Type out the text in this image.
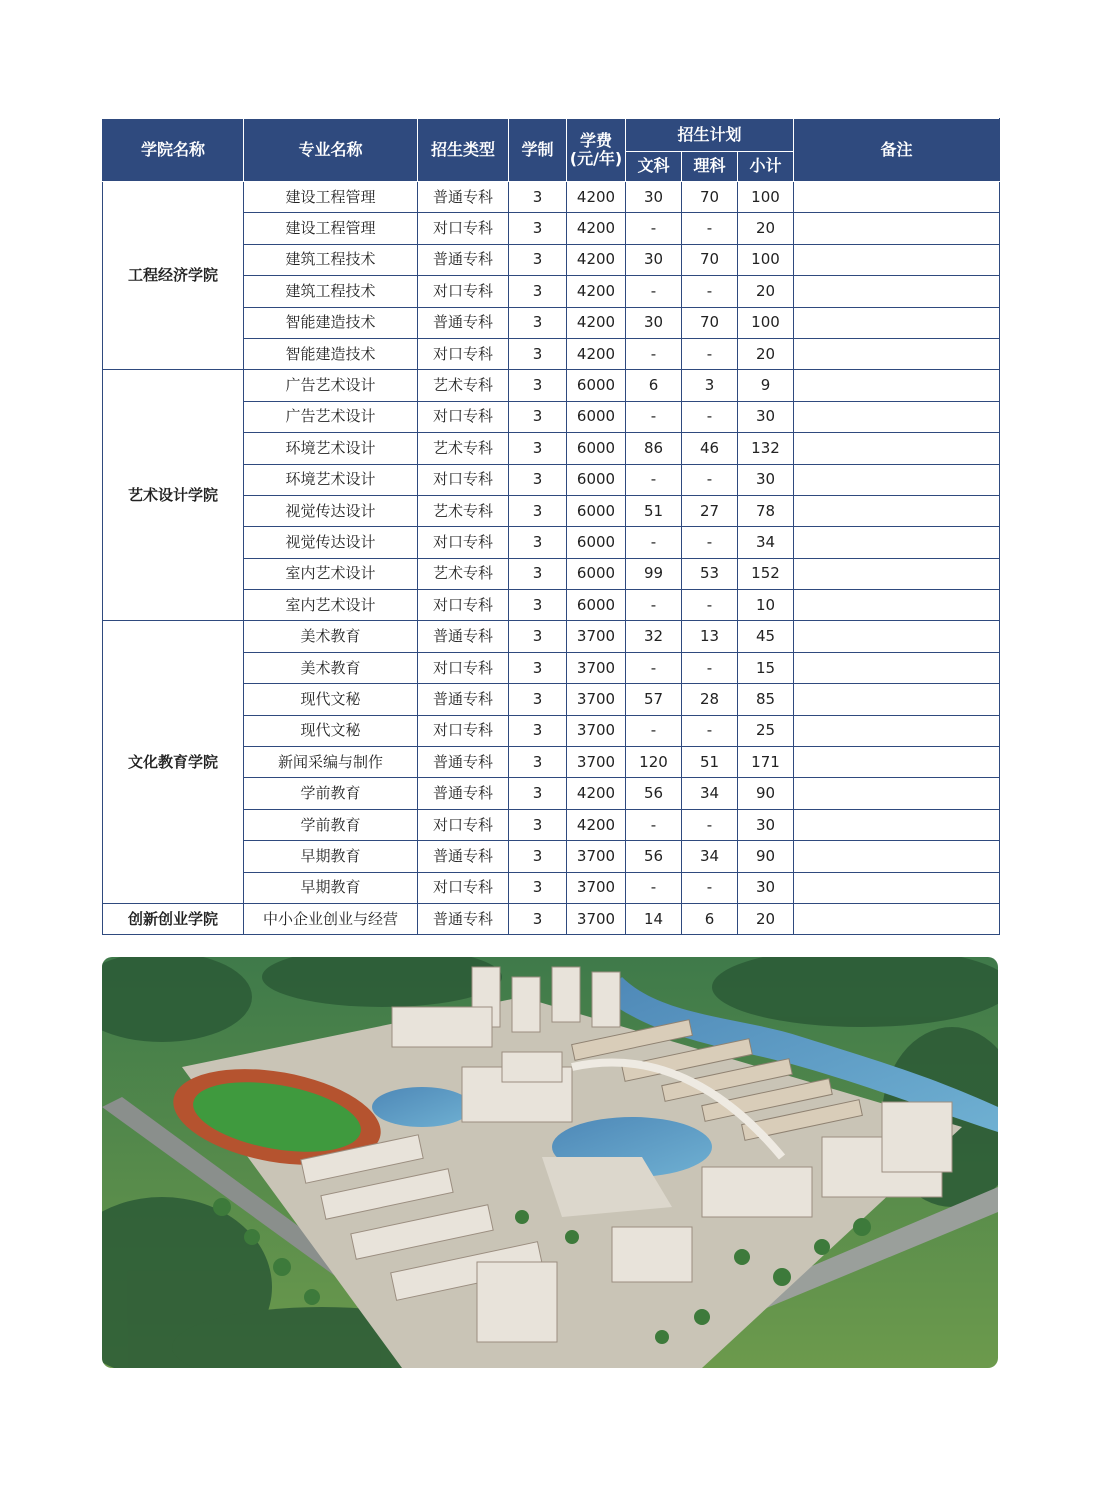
学院名称	专业名称	招生类型	学制	学费
(元/年)	招生计划			备注
					文科	理科	小计	
工程经济学院	建设工程管理	普通专科	3	4200	30	70	100	
	建设工程管理	对口专科	3	4200	-	-	20	
	建筑工程技术	普通专科	3	4200	30	70	100	
	建筑工程技术	对口专科	3	4200	-	-	20	
	智能建造技术	普通专科	3	4200	30	70	100	
	智能建造技术	对口专科	3	4200	-	-	20	
艺术设计学院	广告艺术设计	艺术专科	3	6000	6	3	9	
	广告艺术设计	对口专科	3	6000	-	-	30	
	环境艺术设计	艺术专科	3	6000	86	46	132	
	环境艺术设计	对口专科	3	6000	-	-	30	
	视觉传达设计	艺术专科	3	6000	51	27	78	
	视觉传达设计	对口专科	3	6000	-	-	34	
	室内艺术设计	艺术专科	3	6000	99	53	152	
	室内艺术设计	对口专科	3	6000	-	-	10	
文化教育学院	美术教育	普通专科	3	3700	32	13	45	
	美术教育	对口专科	3	3700	-	-	15	
	现代文秘	普通专科	3	3700	57	28	85	
	现代文秘	对口专科	3	3700	-	-	25	
	新闻采编与制作	普通专科	3	3700	120	51	171	
	学前教育	普通专科	3	4200	56	34	90	
	学前教育	对口专科	3	4200	-	-	30	
	早期教育	普通专科	3	3700	56	34	90	
	早期教育	对口专科	3	3700	-	-	30	
创新创业学院	中小企业创业与经营	普通专科	3	3700	14	6	20	
